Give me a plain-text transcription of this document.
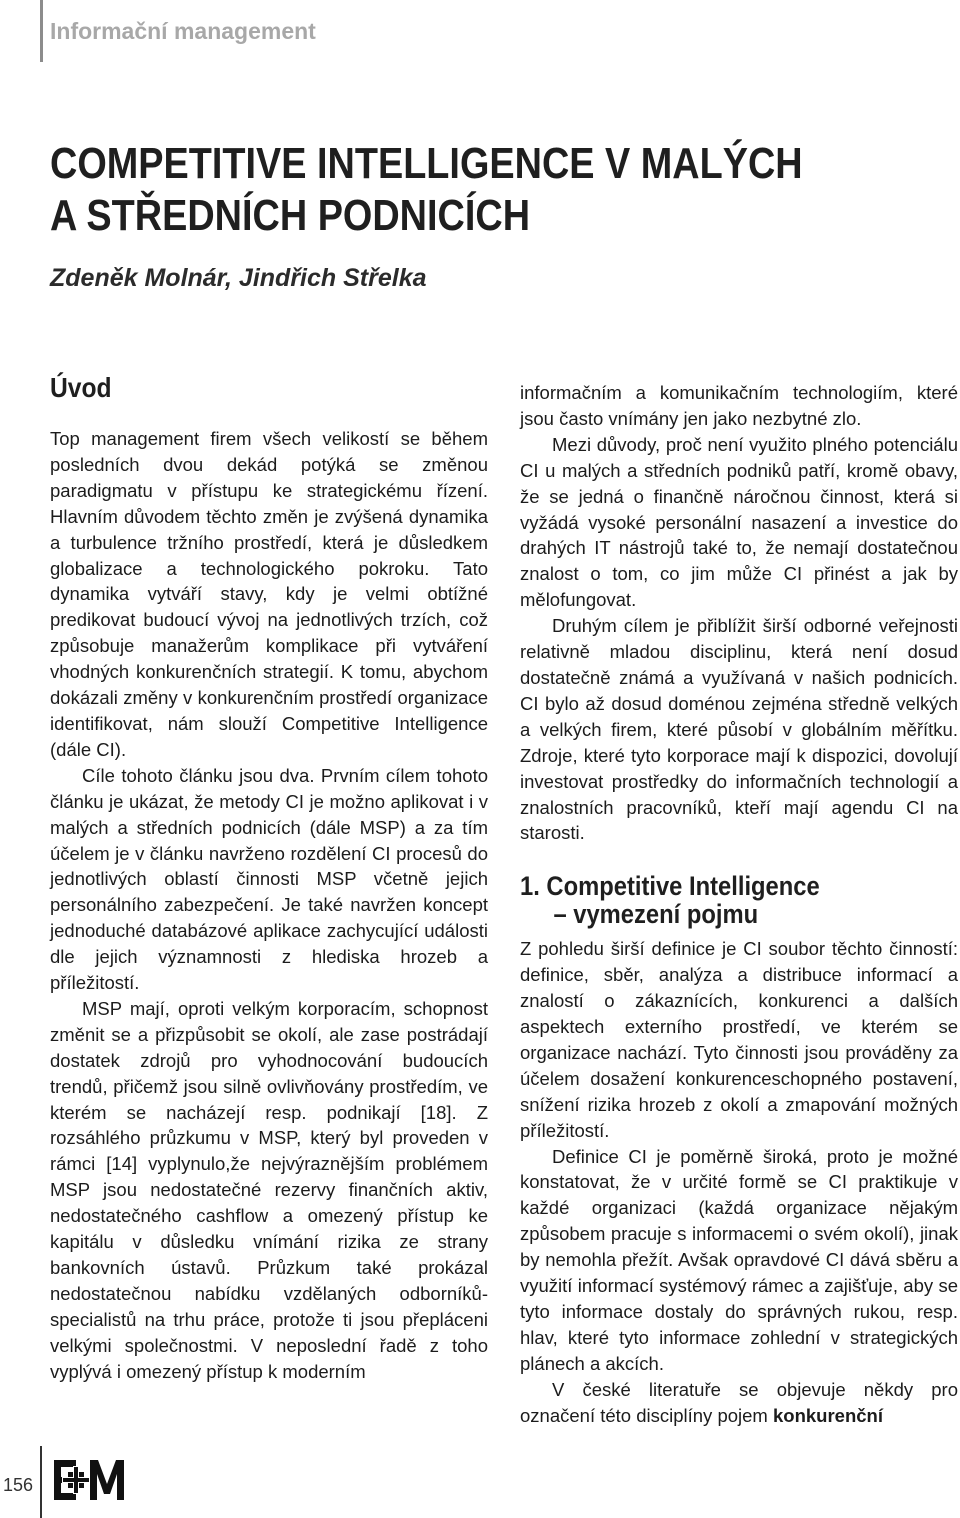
Informační management
COMPETITIVE INTELLIGENCE V MALÝCH
A STŘEDNÍCH PODNICÍCH
Zdeněk Molnár, Jindřich Střelka
Úvod

Top management firem všech velikostí se během posledních dvou dekád potýká se změnou paradigmatu v přístupu ke strategickému řízení. Hlavním důvodem těchto změn je zvýšená dynamika a turbulence tržního prostředí, která je důsledkem globalizace a technologického pokroku. Tato dynamika vytváří stavy, kdy je velmi obtížné predikovat budoucí vývoj na jednotlivých trzích, což způsobuje manažerům komplikace při vytváření vhodných konkurenčních strategií. K tomu, abychom dokázali změny v konkurenčním prostředí organizace identifikovat, nám slouží Competitive Intelligence (dále CI).

Cíle tohoto článku jsou dva. Prvním cílem tohoto článku je ukázat, že metody CI je možno aplikovat i v malých a středních podnicích (dále MSP) a za tím účelem je v článku navrženo rozdělení CI procesů do jednotlivých oblastí činnosti MSP včetně jejich personálního zabezpečení. Je také navržen koncept jednoduché databázové aplikace zachycující události dle jejich významnosti z hlediska hrozeb a příležitostí.

MSP mají, oproti velkým korporacím, schopnost změnit se a přizpůsobit se okolí, ale zase postrádají dostatek zdrojů pro vyhodnocování budoucích trendů, přičemž jsou silně ovlivňovány prostředím, ve kterém se nacházejí resp. podnikají [18]. Z rozsáhlého průzkumu v MSP, který byl proveden v rámci [14] vyplynulo,že nejvýraznějším problémem MSP jsou nedostatečné rezervy finančních aktiv, nedostatečného cashflow a omezený přístup ke kapitálu v důsledku vnímání rizika ze strany bankovních ústavů. Průzkum také prokázal nedostatečnou nabídku vzdělaných odborníků-specialistů na trhu práce, protože ti jsou přepláceni velkými společnostmi. V neposlední řadě z toho vyplývá i omezený přístup k moderním

informačním a komunikačním technologiím, které jsou často vnímány jen jako nezbytné zlo.

Mezi důvody, proč není využito plného potenciálu CI u malých a středních podniků patří, kromě obavy, že se jedná o finančně náročnou činnost, která si vyžádá vysoké personální nasazení a investice do drahých IT nástrojů také to, že nemají dostatečnou znalost o tom, co jim může CI přinést a jak by mělofungovat.

Druhým cílem je přiblížit širší odborné veřejnosti relativně mladou disciplinu, která není dosud dostatečně známá a využívaná v našich podnicích. CI bylo až dosud doménou zejména středně velkých a velkých firem, které působí v globálním měřítku. Zdroje, které tyto korporace mají k dispozici, dovolují investovat prostředky do informačních technologií a znalostních pracovníků, kteří mají agendu CI na starosti.

1. Competitive Intelligence
– vymezení pojmu

Z pohledu širší definice je CI soubor těchto činností: definice, sběr, analýza a distribuce informací a znalostí o zákaznících, konkurenci a dalších aspektech externího prostředí, ve kterém se organizace nachází. Tyto činnosti jsou prováděny za účelem dosažení konkurenceschopného postavení, snížení rizika hrozeb z okolí a zmapování možných příležitostí.

Definice CI je poměrně široká, proto je možné konstatovat, že v určité formě se CI praktikuje v každé organizaci (každá organizace nějakým způsobem pracuje s informacemi o svém okolí), jinak by nemohla přežít. Avšak opravdové CI dává sběru a využití informací systémový rámec a zajišťuje, aby se tyto informace dostaly do správných rukou, resp. hlav, které tyto informace zohlední v strategických plánech a akcích.

V české literatuře se objevuje někdy pro označení této disciplíny pojem konkurenční

156
